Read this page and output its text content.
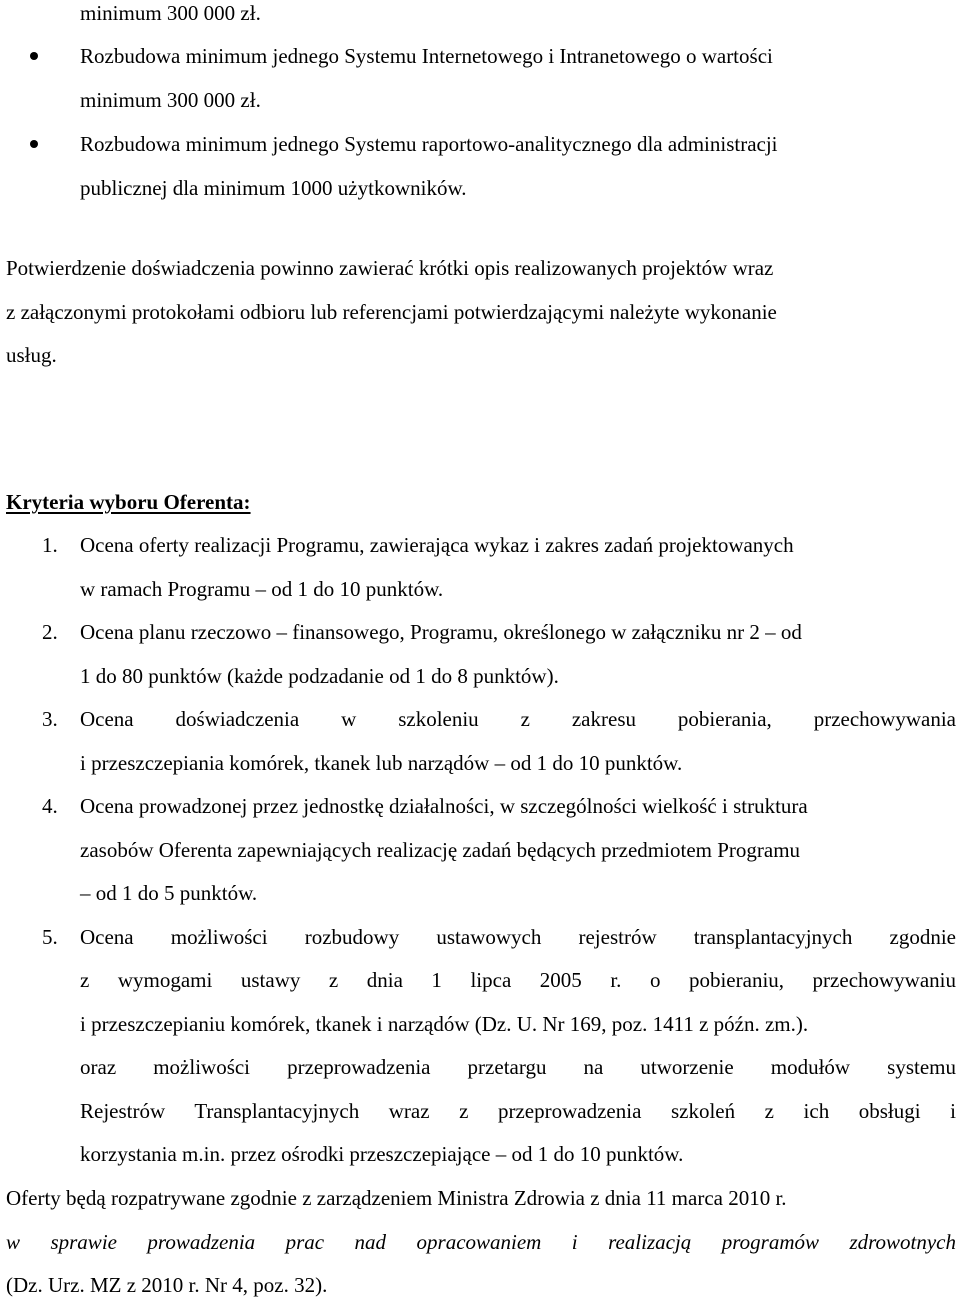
minimum 300 000 zł.
Rozbudowa minimum jednego Systemu Internetowego i Intranetowego o wartości
minimum 300 000 zł.
Rozbudowa minimum jednego Systemu raportowo-analitycznego dla administracji
publicznej dla minimum 1000 użytkowników.
Potwierdzenie doświadczenia powinno zawierać krótki opis realizowanych projektów wraz
z załączonymi protokołami odbioru lub referencjami potwierdzającymi należyte wykonanie
usług.
Kryteria wyboru Oferenta:
1. Ocena oferty realizacji Programu, zawierająca wykaz i zakres zadań projektowanych
w ramach Programu – od 1 do 10 punktów.
2. Ocena planu rzeczowo – finansowego, Programu, określonego w załączniku nr 2 – od
1 do 80 punktów (każde podzadanie od 1 do 8 punktów).
3. Ocena doświadczenia w szkoleniu z zakresu pobierania, przechowywania
i przeszczepiania komórek, tkanek lub narządów – od 1 do 10 punktów.
4. Ocena prowadzonej przez jednostkę działalności, w szczególności wielkość i struktura
zasobów Oferenta zapewniających realizację zadań będących przedmiotem Programu
– od 1 do 5 punktów.
5. Ocena możliwości rozbudowy ustawowych rejestrów transplantacyjnych zgodnie
z wymogami ustawy z dnia 1 lipca 2005 r. o pobieraniu, przechowywaniu
i przeszczepianiu komórek, tkanek i narządów (Dz. U. Nr 169, poz. 1411 z późn. zm.).
oraz możliwości przeprowadzenia przetargu na utworzenie modułów systemu
Rejestrów Transplantacyjnych wraz z przeprowadzenia szkoleń z ich obsługi i
korzystania m.in. przez ośrodki przeszczepiające – od 1 do 10 punktów.
Oferty będą rozpatrywane zgodnie z zarządzeniem Ministra Zdrowia z dnia 11 marca 2010 r.
w sprawie prowadzenia prac nad opracowaniem i realizacją programów zdrowotnych
(Dz. Urz. MZ z 2010 r. Nr 4, poz. 32).
